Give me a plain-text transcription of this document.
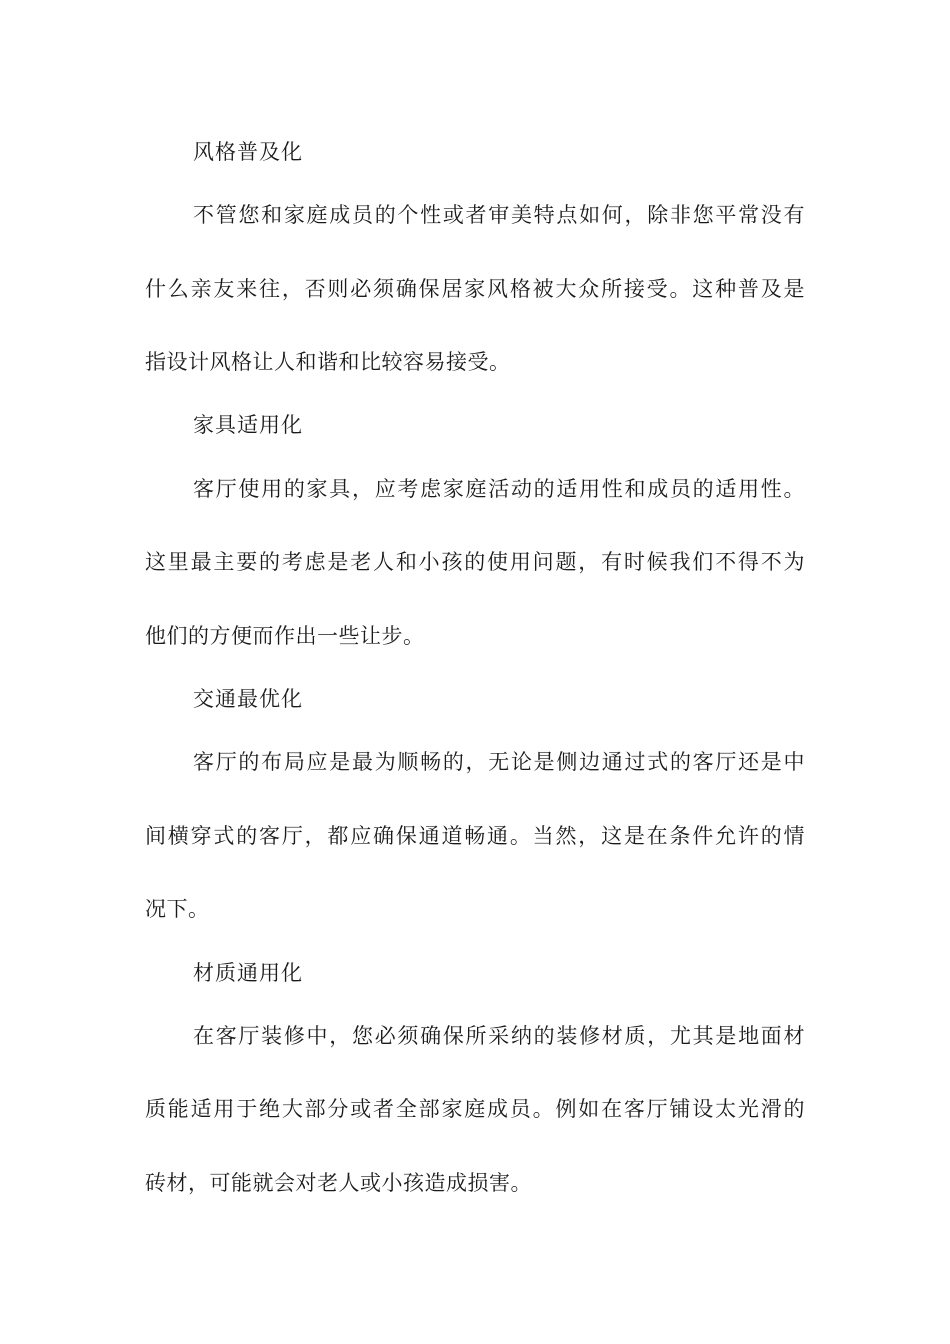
风格普及化
不管您和家庭成员的个性或者审美特点如何，除非您平常没有
什么亲友来往，否则必须确保居家风格被大众所接受。这种普及是
指设计风格让人和谐和比较容易接受。
家具适用化
客厅使用的家具，应考虑家庭活动的适用性和成员的适用性。
这里最主要的考虑是老人和小孩的使用问题，有时候我们不得不为
他们的方便而作出一些让步。
交通最优化
客厅的布局应是最为顺畅的，无论是侧边通过式的客厅还是中
间横穿式的客厅，都应确保通道畅通。当然，这是在条件允许的情
况下。
材质通用化
在客厅装修中，您必须确保所采纳的装修材质，尤其是地面材
质能适用于绝大部分或者全部家庭成员。例如在客厅铺设太光滑的
砖材，可能就会对老人或小孩造成损害。
